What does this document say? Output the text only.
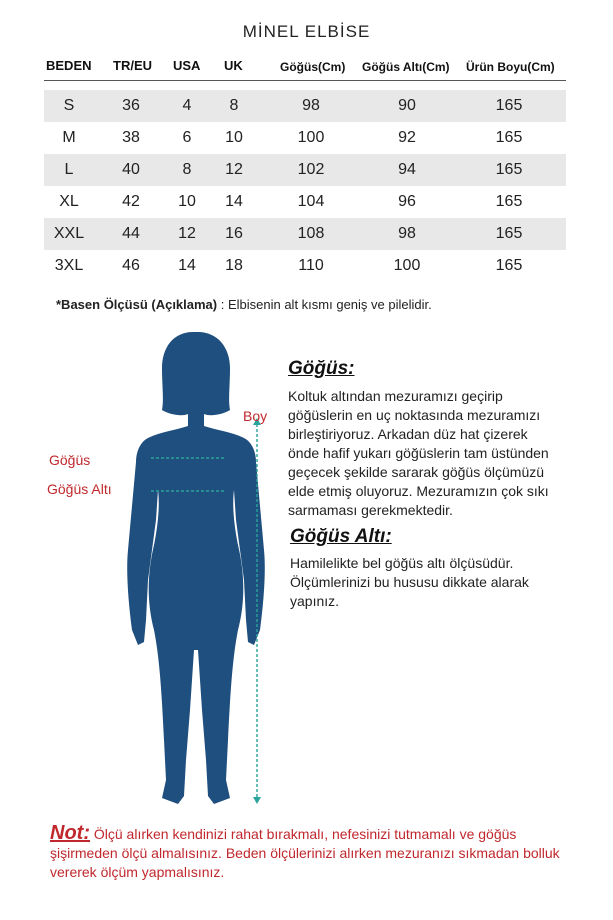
MİNEL ELBİSE
BEDEN TR/EU USA UK	Göğüs(Cm) Göğüs Altı(Cm) Ürün Boyu(Cm)
S	36	4	8	98	90	165
M	38	6	10	100	92	165
L	40	8	12	102	94	165
XL	42	10	14	104	96	165
XXL	44	12	16	108	98	165
3XL	46	14	18	110	100	165
*Basen Ölçüsü (Açıklama) : Elbisenin alt kısmı geniş ve pilelidir.
Göğüs
Göğüs Altı
Boy
Göğüs:
Koltuk altından mezuramızı geçirip
göğüslerin en uç noktasında mezuramızı
birleştiriyoruz. Arkadan düz hat çizerek
önde hafif yukarı göğüslerin tam üstünden
geçecek şekilde sararak göğüs ölçümüzü
elde etmiş oluyoruz. Mezuramızın çok sıkı
sarmaması gerekmektedir.
Göğüs Altı:
Hamilelikte bel göğüs altı ölçüsüdür.
Ölçümlerinizi bu hususu dikkate alarak
yapınız.
Not: Ölçü alırken kendinizi rahat bırakmalı, nefesinizi tutmamalı ve göğüs şişirmeden ölçü almalısınız. Beden ölçülerinizi alırken mezuranızı sıkmadan bolluk vererek ölçüm yapmalısınız.
